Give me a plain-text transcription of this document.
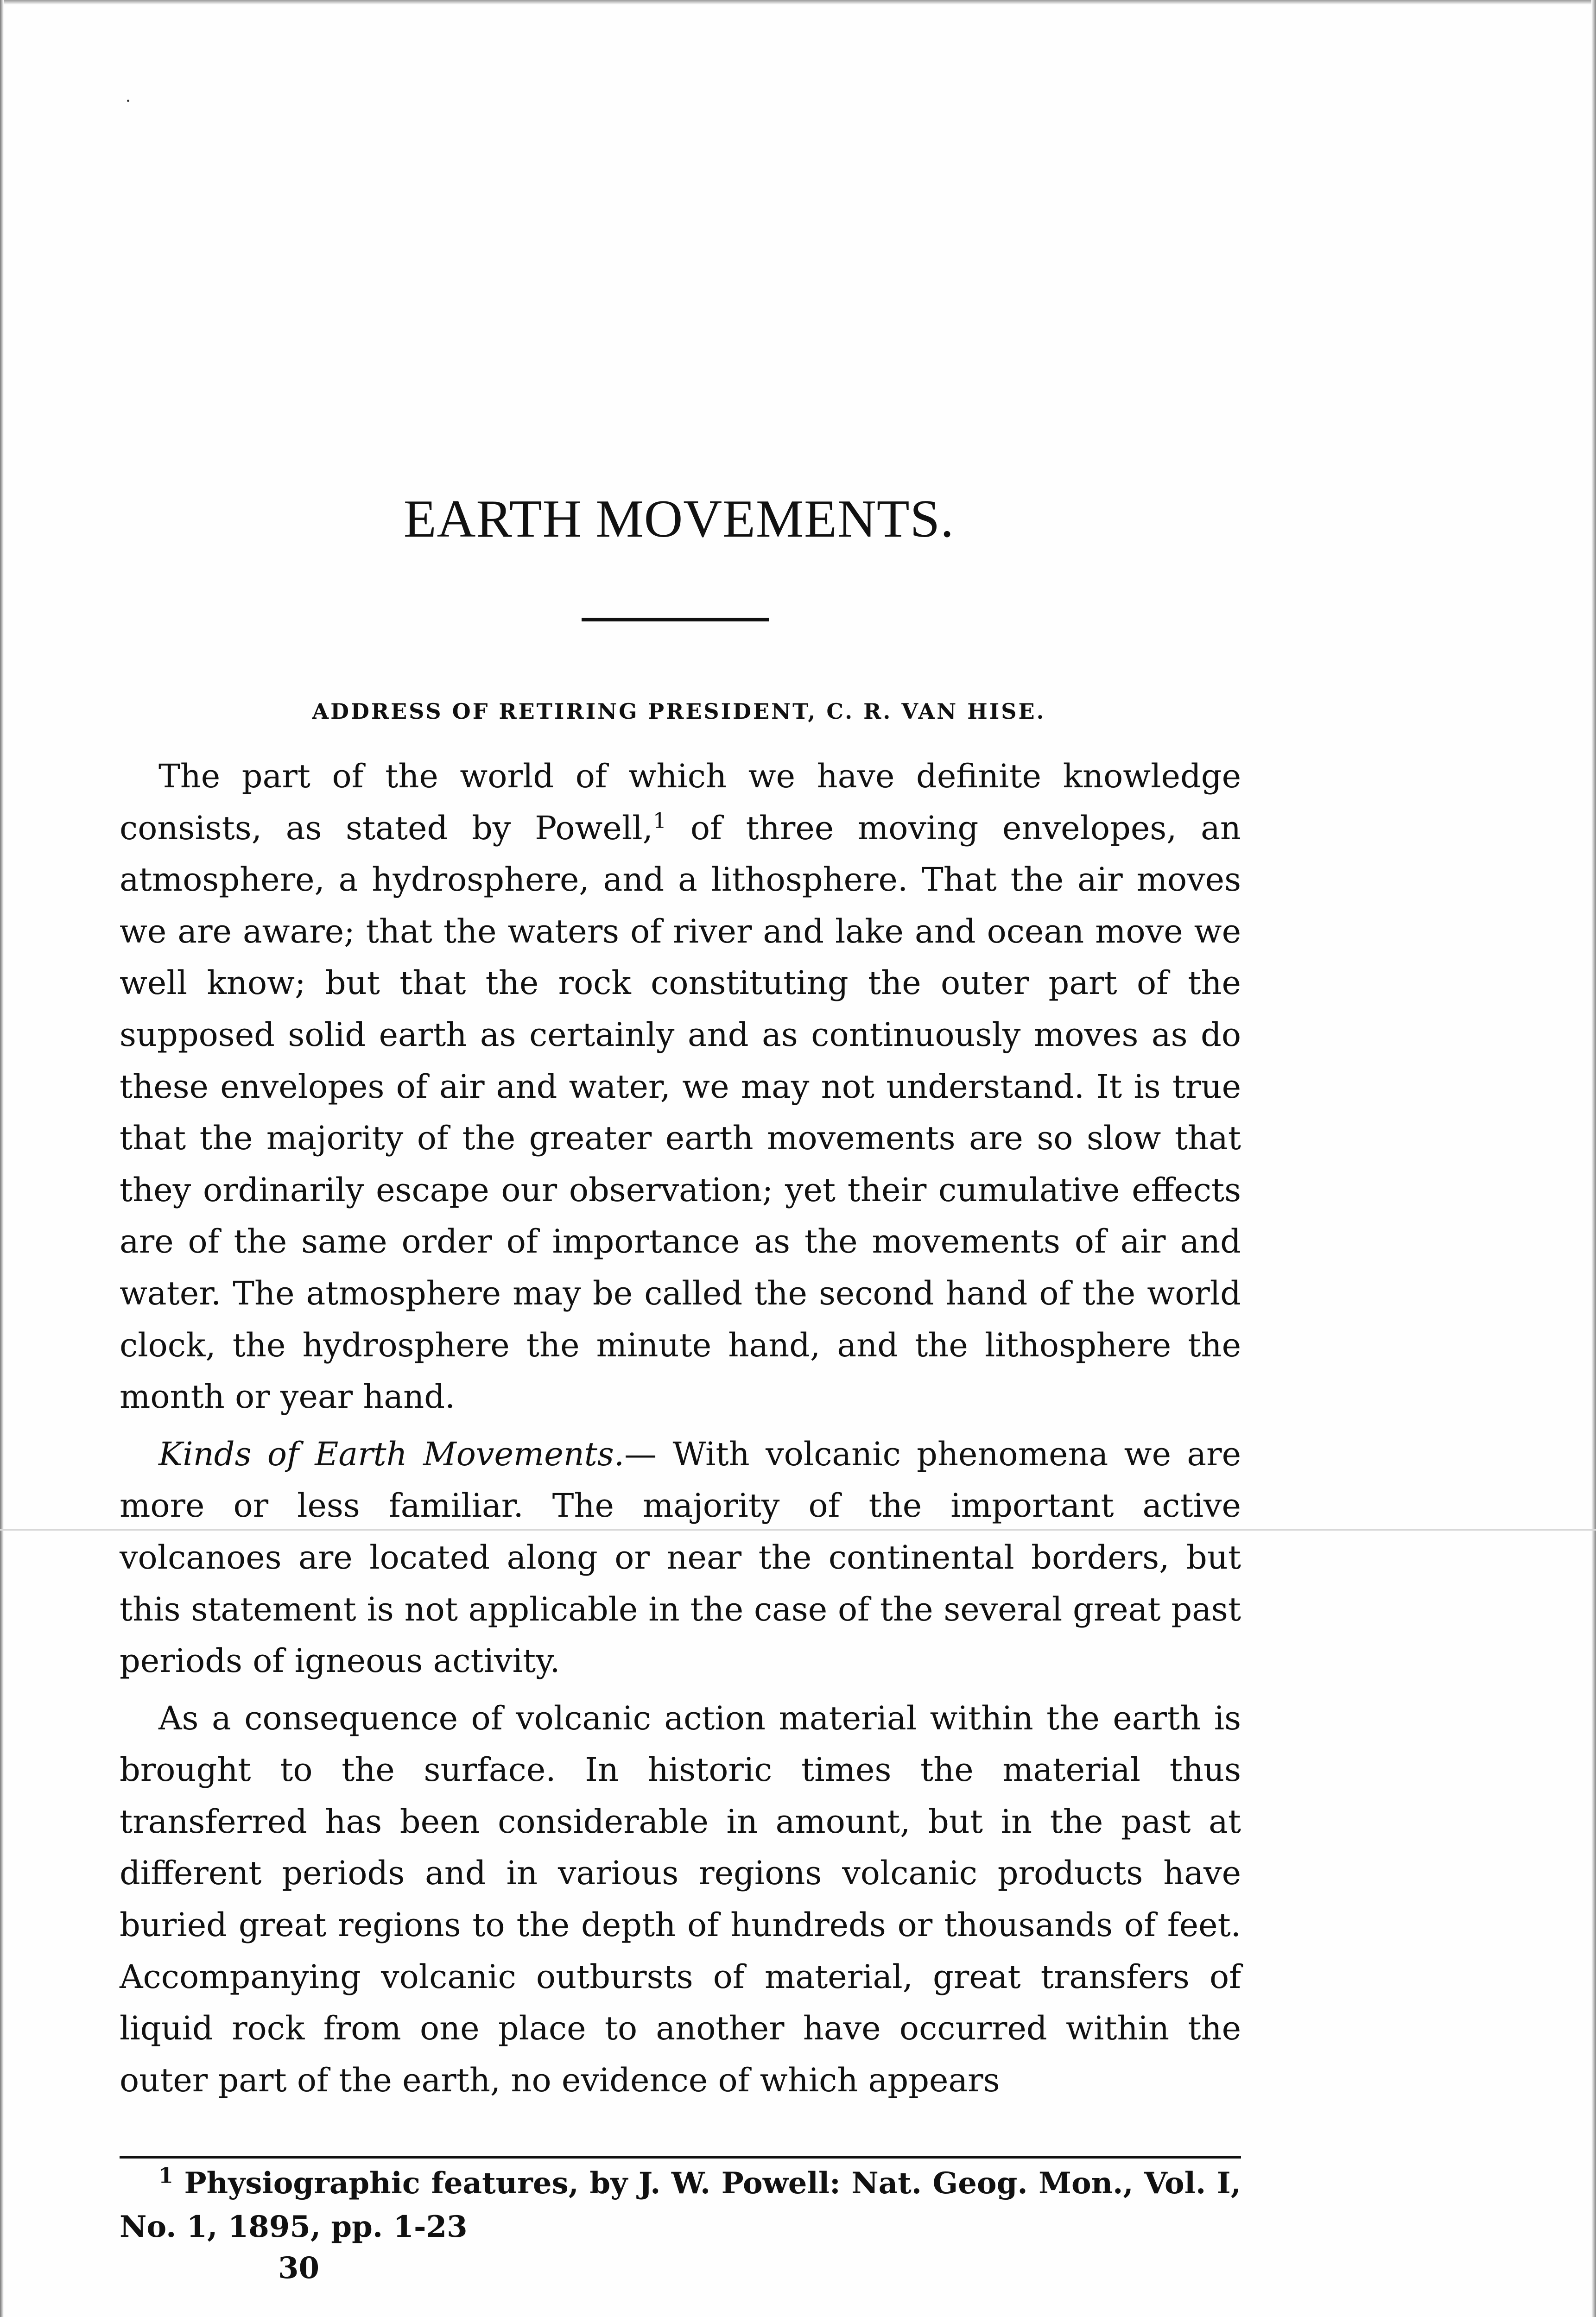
EARTH MOVEMENTS.
ADDRESS OF RETIRING PRESIDENT, C. R. VAN HISE.

The part of the world of which we have definite knowledge consists, as stated by Powell,$^1$ of three moving envelopes, an atmosphere, a hydrosphere, and a lithosphere. That the air moves we are aware; that the waters of river and lake and ocean move we well know; but that the rock constituting the outer part of the supposed solid earth as certainly and as continuously moves as do these envelopes of air and water, we may not understand. It is true that the majority of the greater earth movements are so slow that they ordinarily escape our observation; yet their cumulative effects are of the same order of importance as the movements of air and water. The atmosphere may be called the second hand of the world clock, the hydrosphere the minute hand, and the lithosphere the month or year hand.

Kinds of Earth Movements.— With volcanic phenomena we are more or less familiar. The majority of the important active volcanoes are located along or near the continental borders, but this statement is not applicable in the case of the several great past periods of igneous activity.

As a consequence of volcanic action material within the earth is brought to the surface. In historic times the material thus transferred has been considerable in amount, but in the past at different periods and in various regions volcanic products have buried great regions to the depth of hundreds or thousands of feet. Accompanying volcanic outbursts of material, great transfers of liquid rock from one place to another have occurred within the outer part of the earth, no evidence of which appears

$^1$ Physiographic features, by J. W. Powell: Nat. Geog. Mon., Vol. I, No. 1, 1895, pp. 1-23

30
